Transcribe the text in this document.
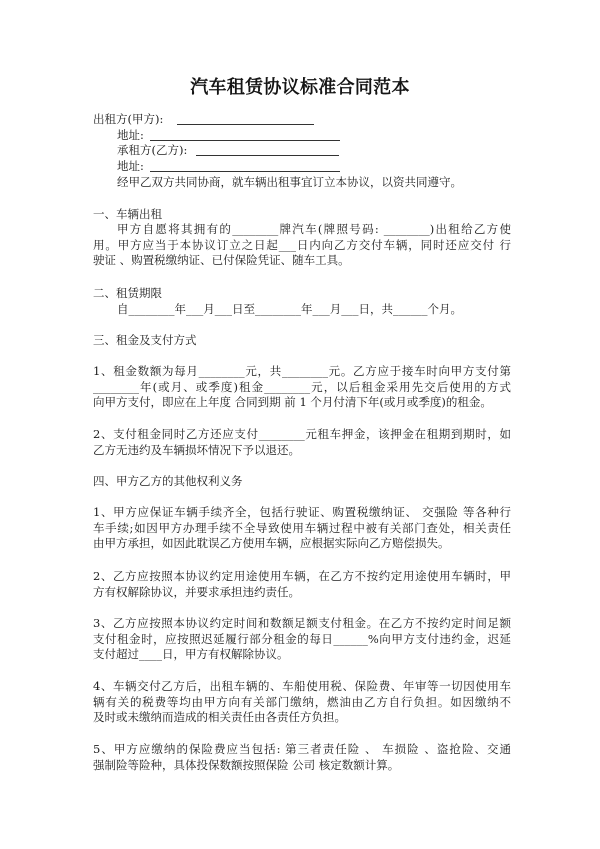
汽车租赁协议标准合同范本
出租方(甲方):
地址:
承租方(乙方):
地址:
经甲乙双方共同协商，就车辆出租事宜订立本协议，以资共同遵守。
一、车辆出租
甲方自愿将其拥有的________牌汽车(牌照号码: ________)出租给乙方使
用。甲方应当于本协议订立之日起___日内向乙方交付车辆，同时还应交付 行
驶证 、购置税缴纳证、已付保险凭证、随车工具。
二、租赁期限
自________年___月___日至________年___月___日，共______个月。
三、租金及支付方式
1、租金数额为每月________元，共________元。乙方应于接车时向甲方支付第
________年(或月、或季度)租金________元，以后租金采用先交后使用的方式
向甲方支付，即应在上年度 合同到期 前 1 个月付清下年(或月或季度)的租金。
2、支付租金同时乙方还应支付________元租车押金，该押金在租期到期时，如
乙方无违约及车辆损坏情况下予以退还。
四、甲方乙方的其他权利义务
1、甲方应保证车辆手续齐全，包括行驶证、购置税缴纳证、 交强险 等各种行
车手续;如因甲方办理手续不全导致使用车辆过程中被有关部门查处，相关责任
由甲方承担，如因此耽误乙方使用车辆，应根据实际向乙方赔偿损失。
2、乙方应按照本协议约定用途使用车辆，在乙方不按约定用途使用车辆时，甲
方有权解除协议，并要求承担违约责任。
3、乙方应按照本协议约定时间和数额足额支付租金。在乙方不按约定时间足额
支付租金时，应按照迟延履行部分租金的每日______%向甲方支付违约金，迟延
支付超过____日，甲方有权解除协议。
4、车辆交付乙方后，出租车辆的、车船使用税、保险费、年审等一切因使用车
辆有关的税费等均由甲方向有关部门缴纳，燃油由乙方自行负担。如因缴纳不
及时或未缴纳而造成的相关责任由各责任方负担。
5、甲方应缴纳的保险费应当包括: 第三者责任险 、 车损险 、盗抢险、交通
强制险等险种，具体投保数额按照保险 公司 核定数额计算。
